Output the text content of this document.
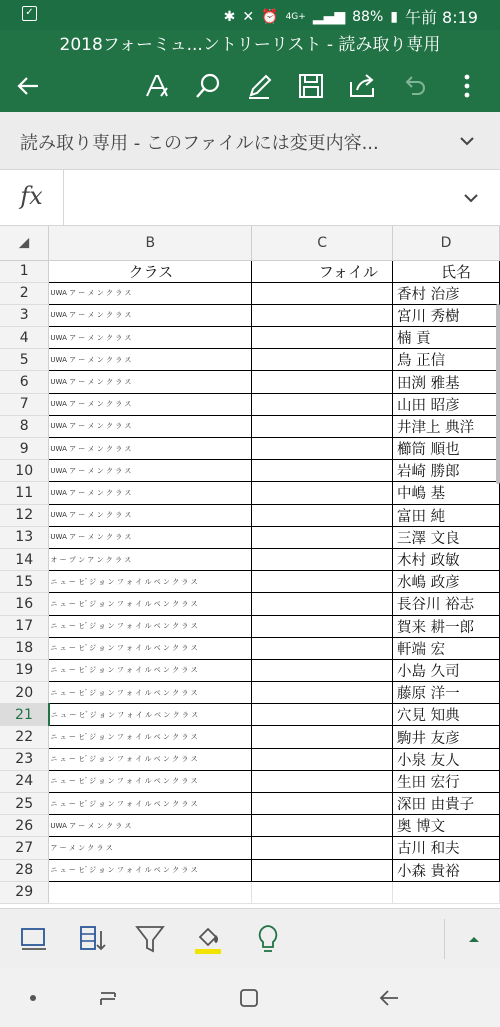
✓	✱ ✕ ⏰ 4G+ ▂▄▆ 88% ▮ 午前 8:19
2018フォーミュ...ントリーリスト - 読み取り専用
読み取り専用 - このファイルには変更内容...
fx
	B	C	D
1	クラス	フォイル	氏名
2	UWA ア ー メ ン ク ラ ス		香村 治彦
3	UWA ア ー メ ン ク ラ ス		宮川 秀樹
4	UWA ア ー メ ン ク ラ ス		楠 貢
5	UWA ア ー メ ン ク ラ ス		鳥 正信
6	UWA ア ー メ ン ク ラ ス		田渕 雅基
7	UWA ア ー メ ン ク ラ ス		山田 昭彦
8	UWA ア ー メ ン ク ラ ス		井津上 典洋
9	UWA ア ー メ ン ク ラ ス		櫛筒 順也
10	UWA ア ー メ ン ク ラ ス		岩崎 勝郎
11	UWA ア ー メ ン ク ラ ス		中嶋 基
12	UWA ア ー メ ン ク ラ ス		富田 純
13	UWA ア ー メ ン ク ラ ス		三澤 文良
14	オ ー プ ン ア ン ク ラ ス		木村 政敏
15	ニ ュ ー ヒ ゙ ジ ョ ン フ ォ イ ル ベ ン ク ラ ス		水嶋 政彦
16	ニ ュ ー ヒ ゙ ジ ョ ン フ ォ イ ル ベ ン ク ラ ス		長谷川 裕志
17	ニ ュ ー ヒ ゙ ジ ョ ン フ ォ イ ル ベ ン ク ラ ス		賀来 耕一郎
18	ニ ュ ー ヒ ゙ ジ ョ ン フ ォ イ ル ベ ン ク ラ ス		軒端 宏
19	ニ ュ ー ヒ ゙ ジ ョ ン フ ォ イ ル ベ ン ク ラ ス		小島 久司
20	ニ ュ ー ヒ ゙ ジ ョ ン フ ォ イ ル ベ ン ク ラ ス		藤原 洋一
21	ニ ュ ー ヒ ゙ ジ ョ ン フ ォ イ ル ベ ン ク ラ ス		穴見 知典
22	ニ ュ ー ヒ ゙ ジ ョ ン フ ォ イ ル ベ ン ク ラ ス		駒井 友彦
23	ニ ュ ー ヒ ゙ ジ ョ ン フ ォ イ ル ベ ン ク ラ ス		小泉 友人
24	ニ ュ ー ヒ ゙ ジ ョ ン フ ォ イ ル ベ ン ク ラ ス		生田 宏行
25	ニ ュ ー ヒ ゙ ジ ョ ン フ ォ イ ル ベ ン ク ラ ス		深田 由貴子
26	UWA ア ー メ ン ク ラ ス		奥 博文
27	ア ー メ ン ク ラ ス		古川 和夫
28	ニ ュ ー ヒ ゙ ジ ョ ン フ ォ イ ル ベ ン ク ラ ス		小森 貴裕
29			
